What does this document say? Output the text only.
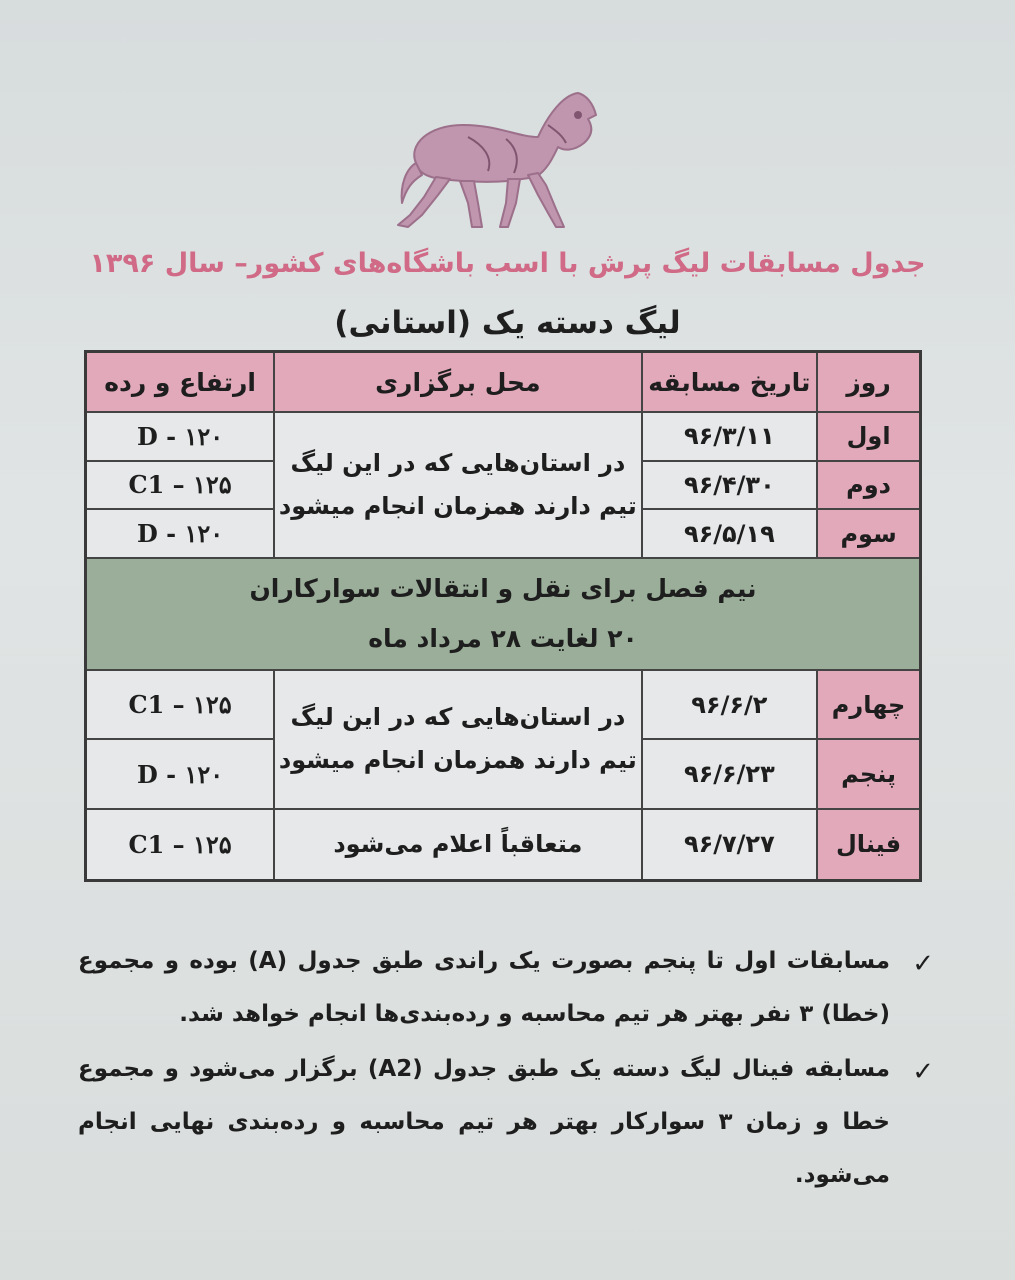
جدول مسابقات لیگ پرش با اسب باشگاه‌های کشور– سال ۱۳۹۶
لیگ دسته یک (استانی)
روز	تاریخ مسابقه	محل برگزاری	ارتفاع و رده
اول	۹۶/۳/۱۱	در استان‌هایی که در این لیگ
تیم دارند همزمان انجام میشود	D - ۱۲۰
دوم	۹۶/۴/۳۰		C1 – ۱۲۵
سوم	۹۶/۵/۱۹		D - ۱۲۰

نیم فصل برای نقل و انتقالات سوارکاران
۲۰ لغایت ۲۸ مرداد ماه			

چهارم	۹۶/۶/۲	در استان‌هایی که در این لیگ
تیم دارند همزمان انجام میشود	C1 – ۱۲۵
پنجم	۹۶/۶/۲۳		D - ۱۲۰
فینال	۹۶/۷/۲۷	متعاقباً اعلام می‌شود	C1 – ۱۲۵
✓
مسابقات اول تا پنجم بصورت یک راندی طبق جدول (A) بوده و مجموع (خطا) ۳ نفر بهتر هر تیم محاسبه و رده‌بندی‌ها انجام خواهد شد.
✓
مسابقه فینال لیگ دسته یک طبق جدول (A2) برگزار می‌شود و مجموع خطا و زمان ۳ سوارکار بهتر هر تیم محاسبه و رده‌بندی نهایی انجام می‌شود.
